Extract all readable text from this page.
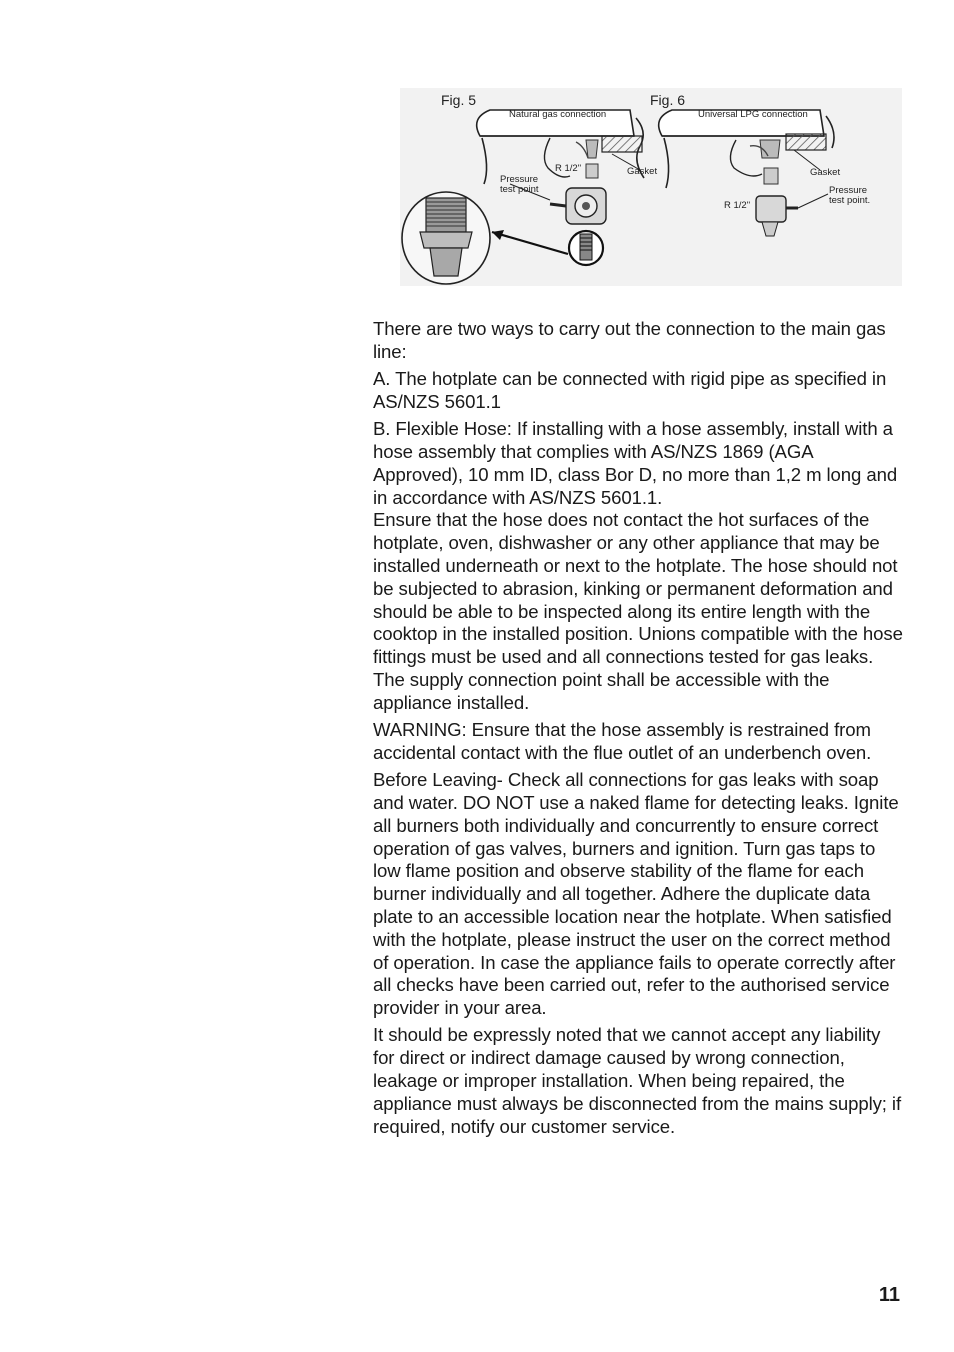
Fig. 5
Natural gas connection
Pressure
test point
R 1/2"	Gasket
Fig. 6
Universal LPG connection
Gasket
Pressure
test point.
R 1/2"

There are two ways to carry out the connection to the main gas line:

A. The hotplate can be connected with rigid pipe as specified in AS/NZS 5601.1

B. Flexible Hose: If installing with a hose assembly, install with a hose assembly that complies with AS/NZS 1869 (AGA Approved), 10 mm ID, class Bor D, no more than 1,2 m long and in accordance with AS/NZS 5601.1.
Ensure that the hose does not contact the hot surfaces of the hotplate, oven, dishwasher or any other appliance that may be installed underneath or next to the hotplate. The hose should not be subjected to abrasion, kinking or permanent deformation and should be able to be inspected along its entire length with the cooktop in the installed position. Unions compatible with the hose fittings must be used and all connections tested for gas leaks.
The supply connection point shall be accessible with the appliance installed.

WARNING: Ensure that the hose assembly is restrained from accidental contact with the flue outlet of an underbench oven.

Before Leaving- Check all connections for gas leaks with soap and water. DO NOT use a naked flame for detecting leaks. Ignite all burners both individually and concurrently to ensure correct operation of gas valves, burners and ignition. Turn gas taps to low flame position and observe stability of the flame for each burner individually and all together. Adhere the duplicate data plate to an accessible location near the hotplate. When satisfied with the hotplate, please instruct the user on the correct method of operation. In case the appliance fails to operate correctly after all checks have been carried out, refer to the authorised service provider in your area.

It should be expressly noted that we cannot accept any liability for direct or indirect damage caused by wrong connection, leakage or improper installation. When being repaired, the appliance must always be disconnected from the mains supply; if required, notify our customer service.

11
